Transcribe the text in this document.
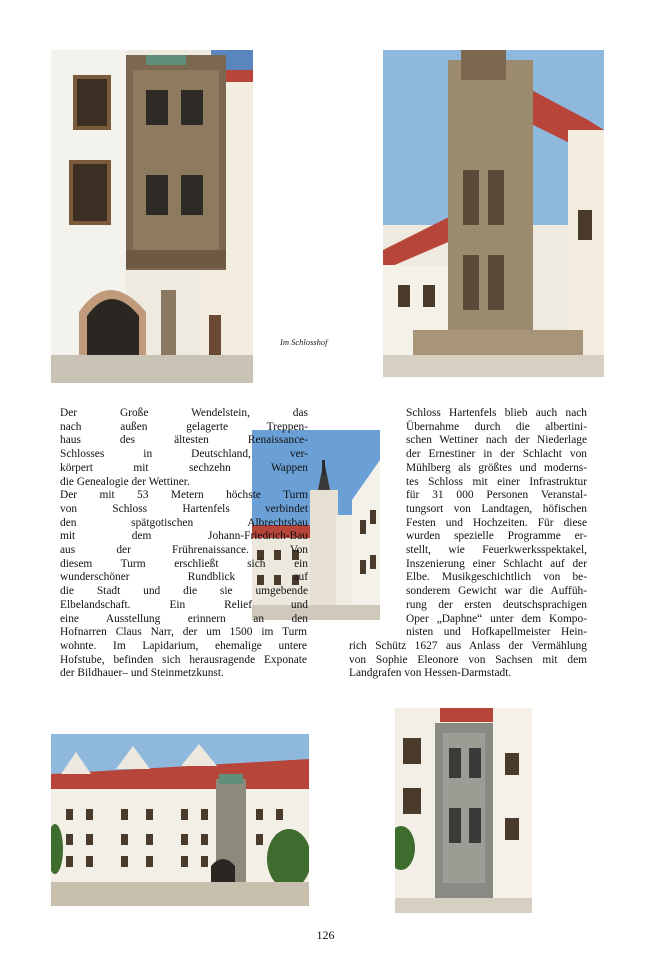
Im Schlosshof

Der Große Wendelstein, das

nach außen gelagerte Treppen-

haus des ältesten Renaissance-

Schlosses in Deutschland, ver-

körpert mit sechzehn Wappen

die Genealogie der Wettiner.

Der mit 53 Metern höchste Turm

von Schloss Hartenfels verbindet

den spätgotischen Albrechtsbau

mit dem Johann-Friedrich-Bau

aus der Frührenaissance. Von

diesem Turm erschließt sich ein

wunderschöner Rundblick auf

die Stadt und die sie umgebende

Elbelandschaft. Ein Relief und

eine Ausstellung erinnern an den

Hofnarren Claus Narr, der um 1500 im Turm

wohnte. Im Lapidarium, ehemalige untere

Hofstube, befinden sich herausragende Exponate

der Bildhauer– und Steinmetzkunst.

Schloss Hartenfels blieb auch nach

Übernahme durch die albertini-

schen Wettiner nach der Niederlage

der Ernestiner in der Schlacht von

Mühlberg als größtes und moderns-

tes Schloss mit einer Infrastruktur

für 31 000 Personen Veranstal-

tungsort von Landtagen, höfischen

Festen und Hochzeiten. Für diese

wurden spezielle Programme er-

stellt, wie Feuerkwerksspektakel,

Inszenierung einer Schlacht auf der

Elbe. Musikgeschichtlich von be-

sonderem Gewicht war die Auffüh-

rung der ersten deutschsprachigen

Oper „Daphne“ unter dem Kompo-

nisten und Hofkapellmeister Hein-

rich Schütz 1627 aus Anlass der Vermählung

von Sophie Eleonore von Sachsen mit dem

Landgrafen von Hessen-Darmstadt.

126
